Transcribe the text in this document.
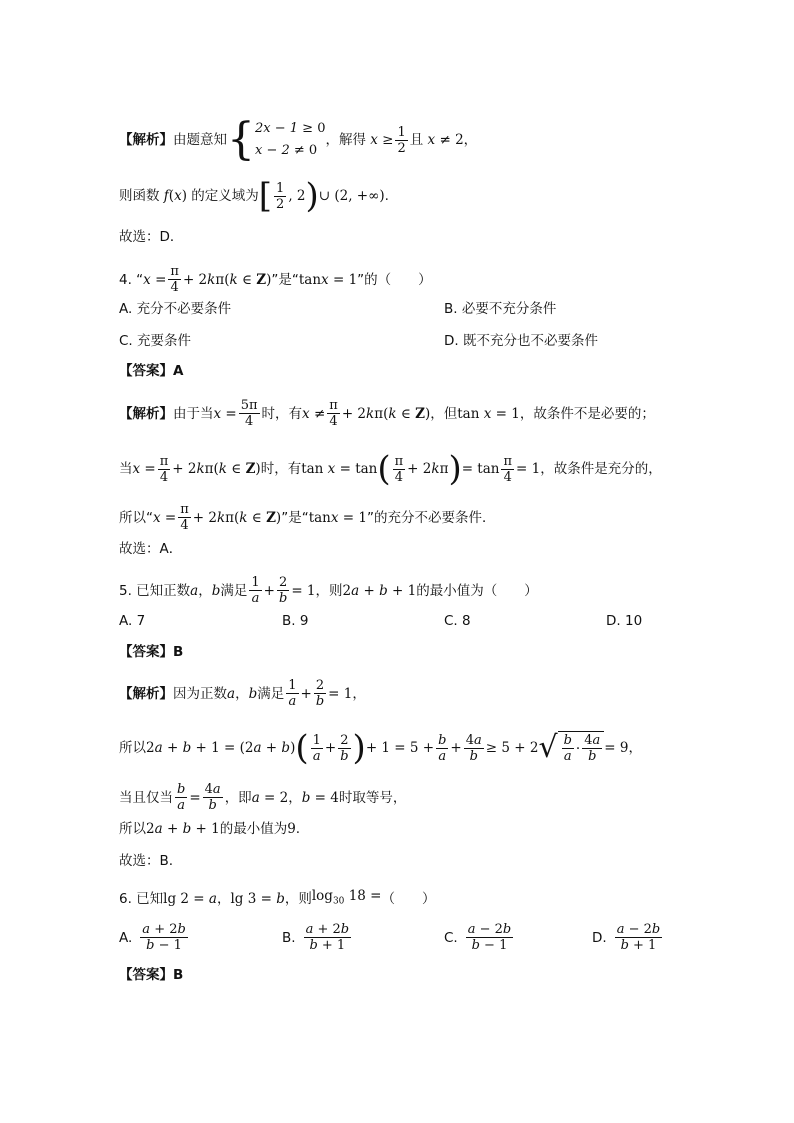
【解析】 由题意知 { 2x − 1 ≥ 0
x − 2 ≠ 0
，解得 $x \ge \frac{1}{2}$ 且 x ≠ 2 ，
则函数 f(x) 的定义域为 [ $\frac{1}{2}$ , 2 ) ∪ (2, +∞) .
故选：D．
4. “ $x = \frac{\pi}{4} + 2k\pi(k$ ∈ Z) ”是“ tanx = 1 ”的（　　）
A. 充分不必要条件	B. 必要不充分条件
C. 充要条件	D. 既不充分也不必要条件
【答案】A
【解析】 由于当 $x = \frac{5\pi}{4}$ 时，有 $x \ne \frac{\pi}{4} + 2k\pi(k$ ∈ Z) ，但 tan x = 1 ，故条件不是必要的；
当 $x = \frac{\pi}{4} + 2k\pi(k$ ∈ Z) 时，有 tan x = tan ( $\frac{\pi}{4} + 2k\pi$ ) = $\tan \frac{\pi}{4} = 1$ ，故条件是充分的，
所以“ $x = \frac{\pi}{4} + 2k\pi(k$ ∈ Z) ”是“ tanx = 1 ”的充分不必要条件．
故选：A．
5. 已知正数 a ， b 满足 $\frac{1}{a} + \frac{2}{b} = 1$ ，则 2a + b + 1 的最小值为（　　）
A. 7	B. 9	C. 8	D. 10
【答案】B
【解析】 因为正数 a ， b 满足 $\frac{1}{a} + \frac{2}{b} = 1$ ，
所以 2a + b + 1 = (2a + b) ( $\frac{1}{a} + \frac{2}{b}$ ) + $1 = 5 + \frac{b}{a} + \frac{4a}{b} \ge 5 + 2$ √ $\frac{b}{a} \cdot \frac{4a}{b} = 9$ ，
当且仅当 $\frac{b}{a} = \frac{4a}{b}$ ，即 a = 2 ， b = 4 时取等号，
所以 2a + b + 1 的最小值为 9 .
故选：B.
6. 已知 lg 2 = a ， lg 3 = b ，则 $\log_{30} 18$ = （　　）
A. $\frac{a + 2b}{b - 1}$	B. $\frac{a + 2b}{b + 1}$	C. $\frac{a - 2b}{b - 1}$	D. $\frac{a - 2b}{b + 1}$
【答案】B
